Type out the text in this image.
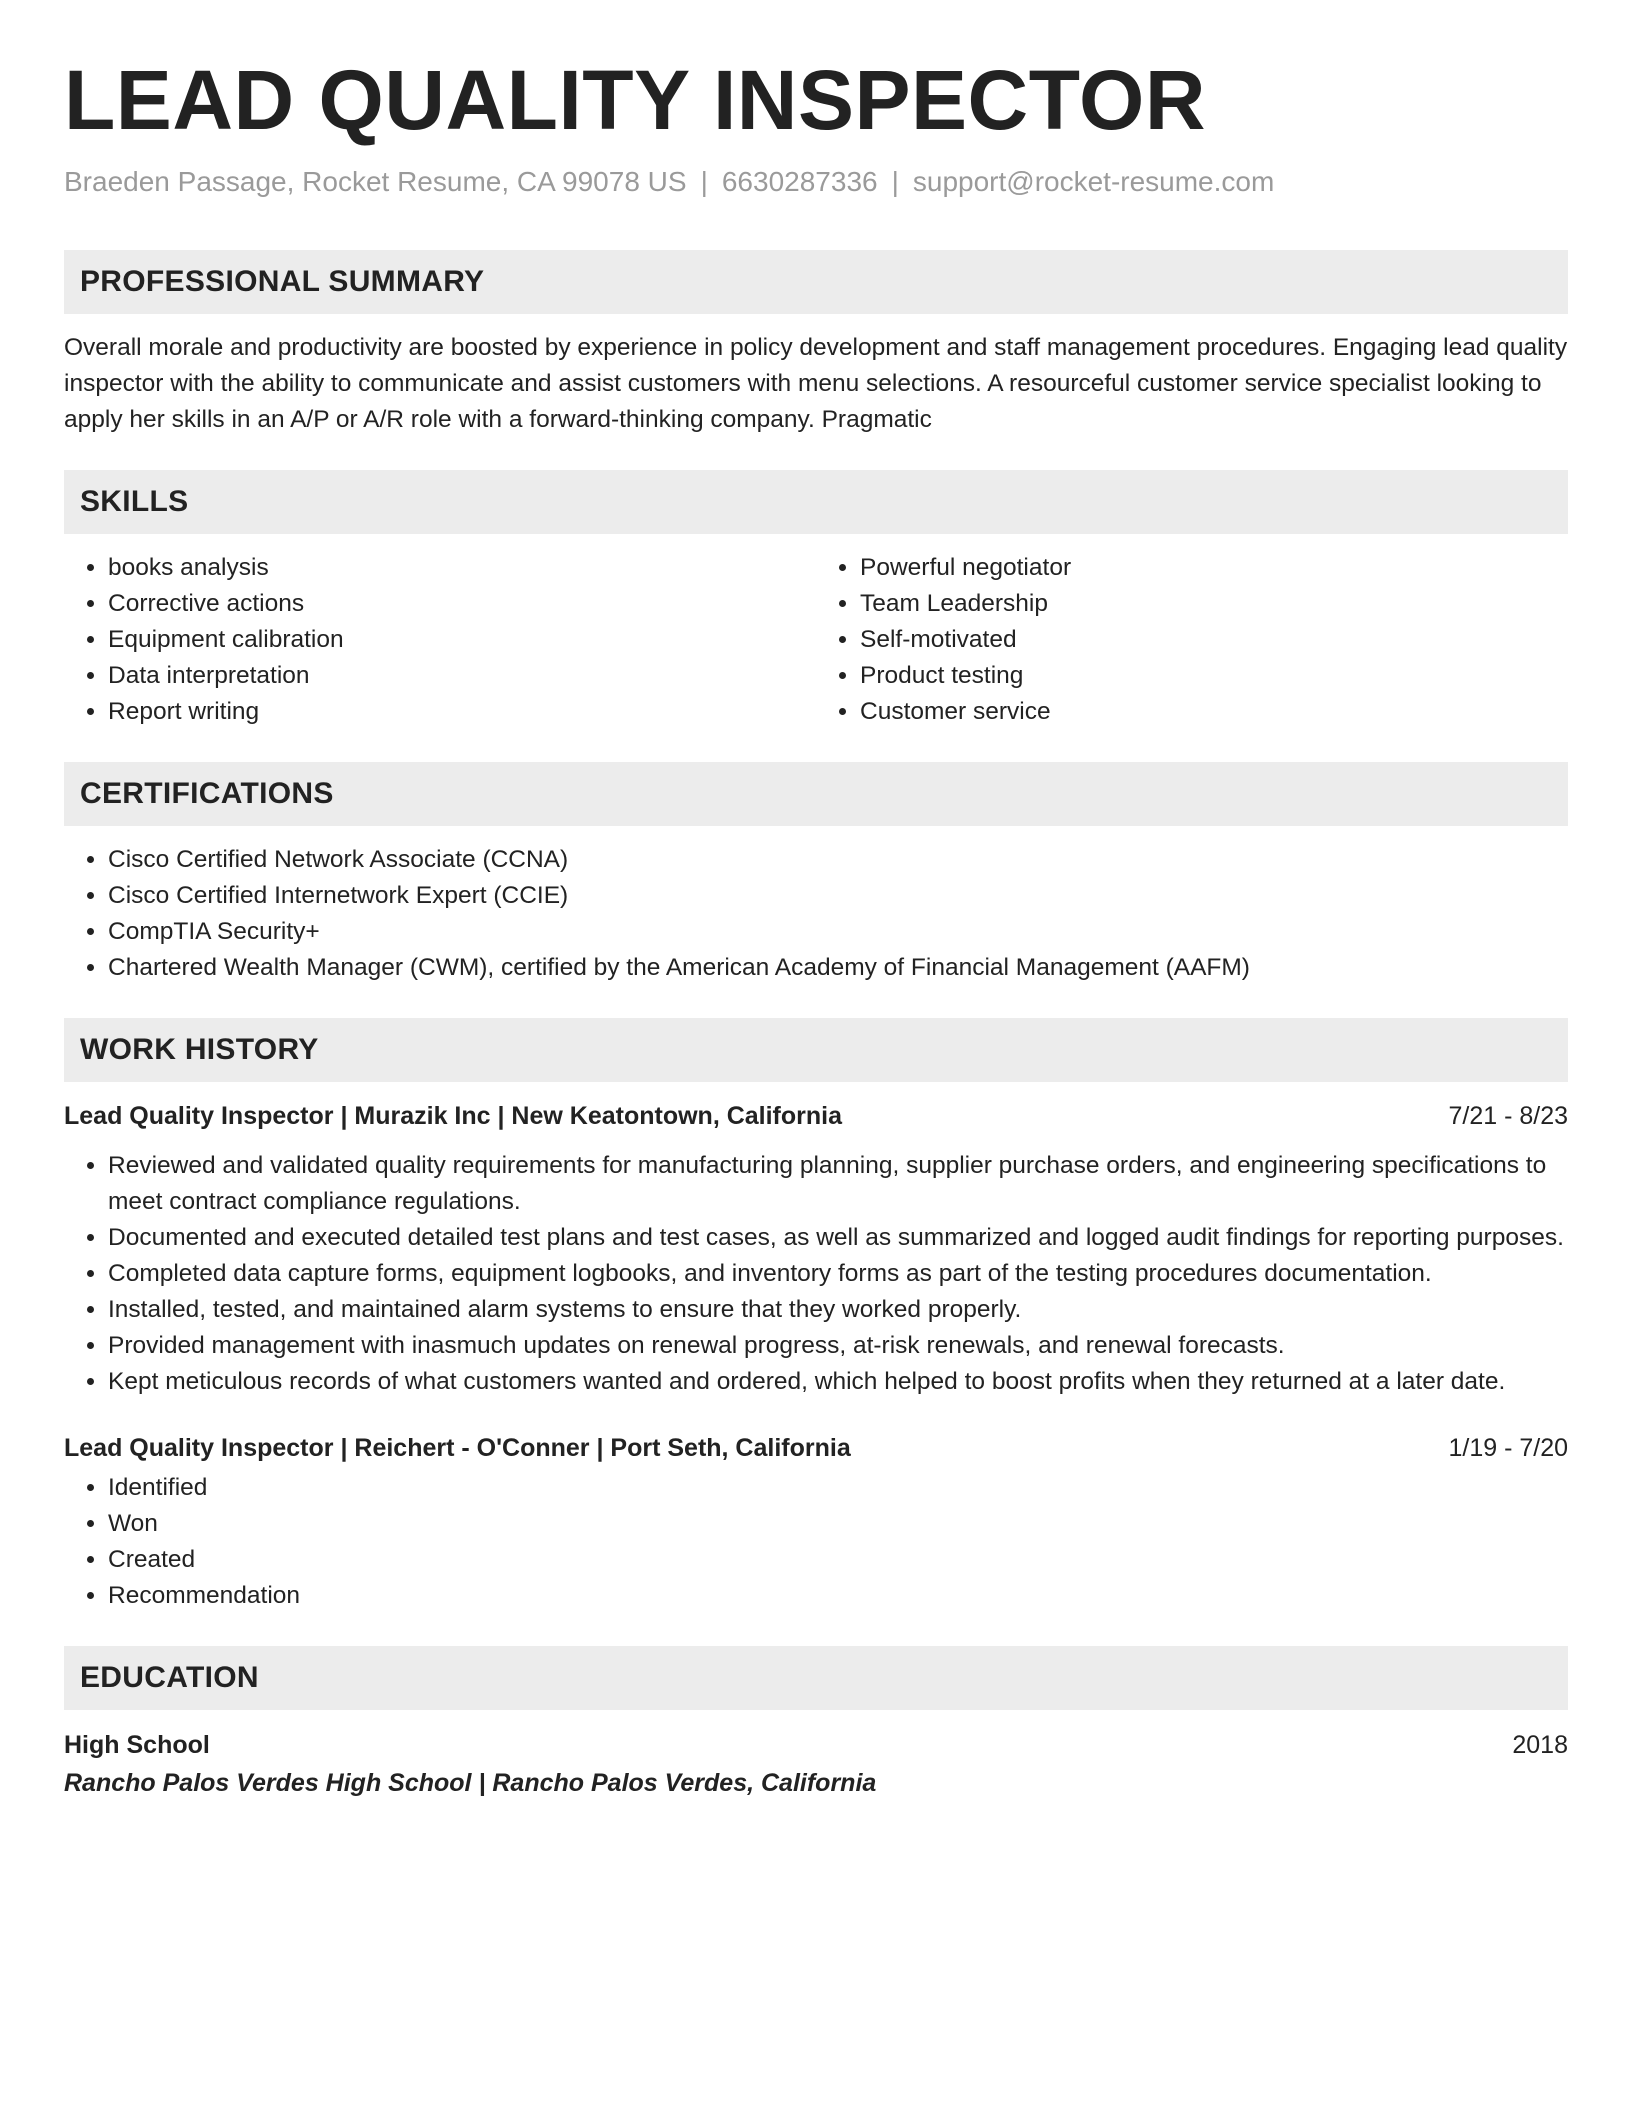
LEAD QUALITY INSPECTOR
Braeden Passage, Rocket Resume, CA 99078 US | 6630287336 | support@rocket-resume.com
PROFESSIONAL SUMMARY

Overall morale and productivity are boosted by experience in policy development and staff management procedures. Engaging lead quality inspector with the ability to communicate and assist customers with menu selections. A resourceful customer service specialist looking to apply her skills in an A/P or A/R role with a forward-thinking company. Pragmatic

SKILLS
• books analysis
• Corrective actions
• Equipment calibration
• Data interpretation
• Report writing
• Powerful negotiator
• Team Leadership
• Self-motivated
• Product testing
• Customer service
CERTIFICATIONS
• Cisco Certified Network Associate (CCNA)
• Cisco Certified Internetwork Expert (CCIE)
• CompTIA Security+
• Chartered Wealth Manager (CWM), certified by the American Academy of Financial Management (AAFM)
WORK HISTORY
Lead Quality Inspector | Murazik Inc | New Keatontown, California	7/21 - 8/23
• Reviewed and validated quality requirements for manufacturing planning, supplier purchase orders, and engineering specifications to meet contract compliance regulations.
• Documented and executed detailed test plans and test cases, as well as summarized and logged audit findings for reporting purposes.
• Completed data capture forms, equipment logbooks, and inventory forms as part of the testing procedures documentation.
• Installed, tested, and maintained alarm systems to ensure that they worked properly.
• Provided management with inasmuch updates on renewal progress, at-risk renewals, and renewal forecasts.
• Kept meticulous records of what customers wanted and ordered, which helped to boost profits when they returned at a later date.
Lead Quality Inspector | Reichert - O'Conner | Port Seth, California	1/19 - 7/20
• Identified
• Won
• Created
• Recommendation
EDUCATION
High School	2018
Rancho Palos Verdes High School | Rancho Palos Verdes, California
